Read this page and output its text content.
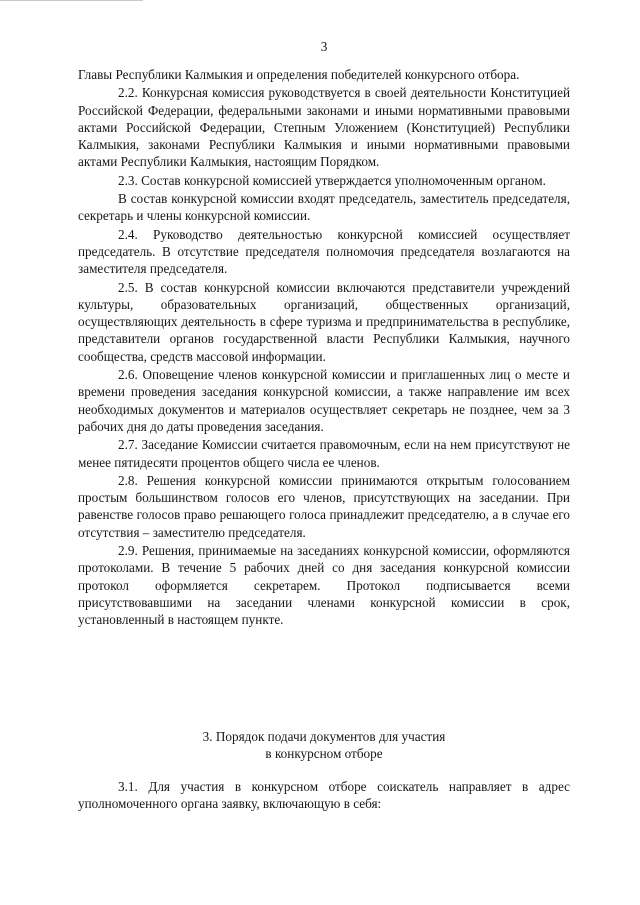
3

Главы Республики Калмыкия и определения победителей конкурсного отбора.

2.2. Конкурсная комиссия руководствуется в своей деятельности Конституцией Российской Федерации, федеральными законами и иными нормативными правовыми актами Российской Федерации, Степным Уложением (Конституцией) Республики Калмыкия, законами Республики Калмыкия и иными нормативными правовыми актами Республики Калмыкия, настоящим Порядком.

2.3. Состав конкурсной комиссией утверждается уполномоченным органом.

В состав конкурсной комиссии входят председатель, заместитель председателя, секретарь и члены конкурсной комиссии.

2.4. Руководство деятельностью конкурсной комиссией осуществляет председатель. В отсутствие председателя полномочия председателя возлагаются на заместителя председателя.

2.5. В состав конкурсной комиссии включаются представители учреждений культуры, образовательных организаций, общественных организаций, осуществляющих деятельность в сфере туризма и предпринимательства в республике, представители органов государственной власти Республики Калмыкия, научного сообщества, средств массовой информации.

2.6. Оповещение членов конкурсной комиссии и приглашенных лиц о месте и времени проведения заседания конкурсной комиссии, а также направление им всех необходимых документов и материалов осуществляет секретарь не позднее, чем за 3 рабочих дня до даты проведения заседания.

2.7. Заседание Комиссии считается правомочным, если на нем присутствуют не менее пятидесяти процентов общего числа ее членов.

2.8. Решения конкурсной комиссии принимаются открытым голосованием простым большинством голосов его членов, присутствующих на заседании. При равенстве голосов право решающего голоса принадлежит председателю, а в случае его отсутствия – заместителю председателя.

2.9. Решения, принимаемые на заседаниях конкурсной комиссии, оформляются протоколами. В течение 5 рабочих дней со дня заседания конкурсной комиссии протокол оформляется секретарем. Протокол подписывается всеми присутствовавшими на заседании членами конкурсной комиссии в срок, установленный в настоящем пункте.

3. Порядок подачи документов для участия
в конкурсном отборе

3.1. Для участия в конкурсном отборе соискатель направляет в адрес уполномоченного органа заявку, включающую в себя:
